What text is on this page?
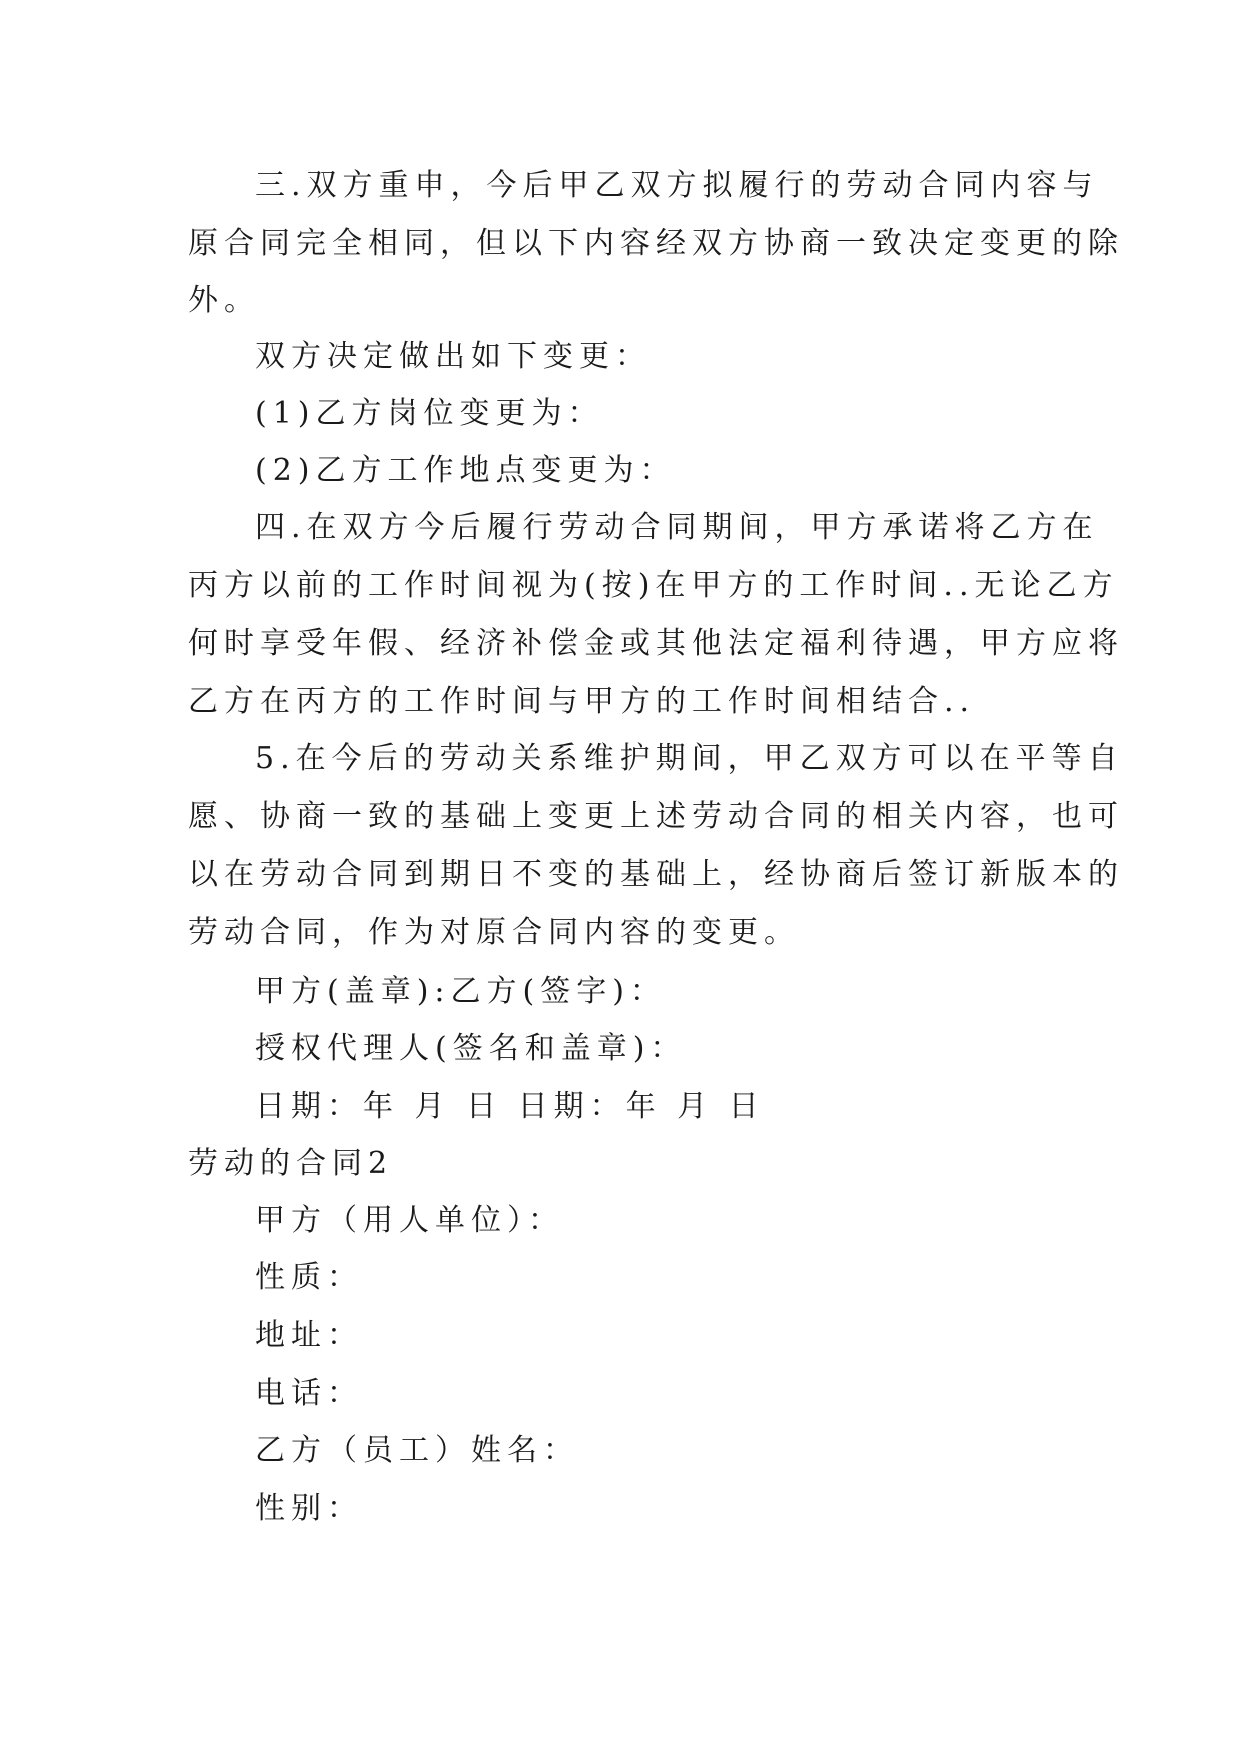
三.双方重申，今后甲乙双方拟履行的劳动合同内容与
原合同完全相同，但以下内容经双方协商一致决定变更的除
外。
双方决定做出如下变更：
(1)乙方岗位变更为：
(2)乙方工作地点变更为：
四.在双方今后履行劳动合同期间，甲方承诺将乙方在
丙方以前的工作时间视为(按)在甲方的工作时间..无论乙方
何时享受年假、经济补偿金或其他法定福利待遇，甲方应将
乙方在丙方的工作时间与甲方的工作时间相结合..
5.在今后的劳动关系维护期间，甲乙双方可以在平等自
愿、协商一致的基础上变更上述劳动合同的相关内容，也可
以在劳动合同到期日不变的基础上，经协商后签订新版本的
劳动合同，作为对原合同内容的变更。
甲方(盖章):乙方(签字)：
授权代理人(签名和盖章)：
日期：年 月 日 日期：年 月 日
劳动的合同2
甲方（用人单位）：
性质：
地址：
电话：
乙方（员工）姓名：
性别：
